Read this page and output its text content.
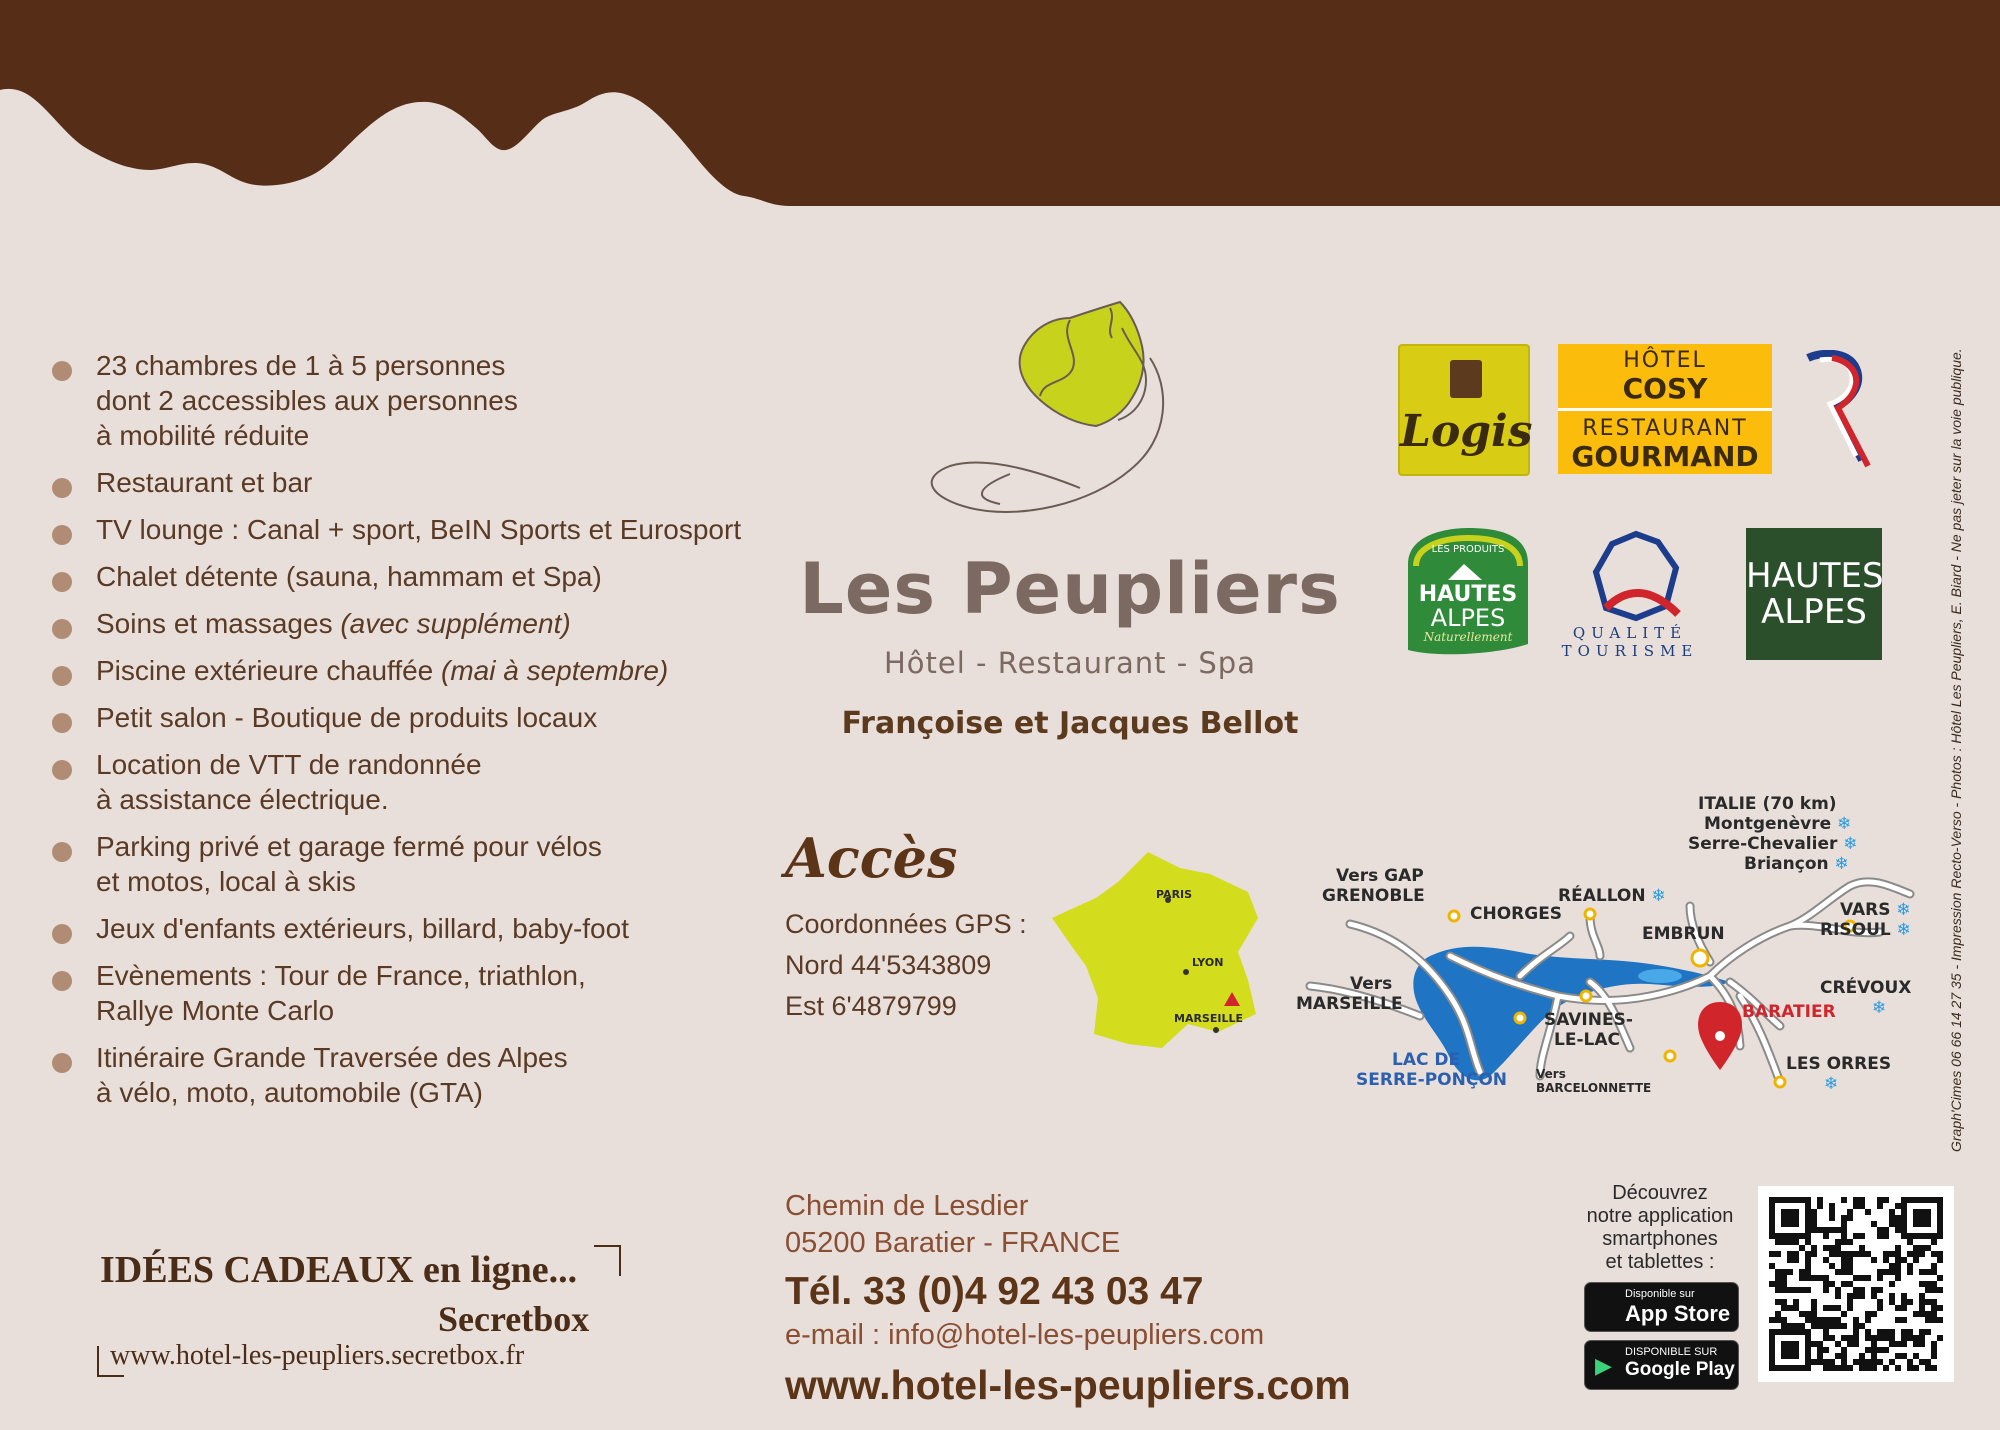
23 chambres de 1 à 5 personnes
dont 2 accessibles aux personnes
à mobilité réduite
Restaurant et bar
TV lounge : Canal + sport, BeIN Sports et Eurosport
Chalet détente (sauna, hammam et Spa)
Soins et massages (avec supplément)
Piscine extérieure chauffée (mai à septembre)
Petit salon - Boutique de produits locaux
Location de VTT de randonnée
à assistance électrique.
Parking privé et garage fermé pour vélos
et motos, local à skis
Jeux d'enfants extérieurs, billard, baby-foot
Evènements : Tour de France, triathlon,
Rallye Monte Carlo
Itinéraire Grande Traversée des Alpes
à vélo, moto, automobile (GTA)
Les Peupliers
Hôtel - Restaurant - Spa
Françoise et Jacques Bellot
Logis
HÔTEL
COSY
RESTAURANT
GOURMAND
LES PRODUITS
HAUTES
ALPES
Naturellement	QUALITÉ
TOURISME
HAUTES
ALPES
Accès
Coordonnées GPS :
Nord 44'5343809
Est 6'4879799
PARIS
LYON
MARSEILLE
ITALIE (70 km)
Montgenèvre ❄
Serre-Chevalier ❄
Briançon ❄
Vers GAP
GRENOBLE
CHORGES
RÉALLON ❄
EMBRUN
VARS ❄
RISOUL ❄
Vers
MARSEILLE
SAVINES-
LE-LAC
CRÉVOUX
❄
BARATIER
LES ORRES
❄
LAC DE
SERRE-PONÇON Vers
BARCELONNETTE
Chemin de Lesdier
05200 Baratier - FRANCE
Tél. 33 (0)4 92 43 03 47
e-mail : info@hotel-les-peupliers.com
www.hotel-les-peupliers.com
IDÉES CADEAUX en ligne...
Secretbox
www.hotel-les-peupliers.secretbox.fr
Découvrez
notre application
smartphones
et tablettes :
Disponible sur
App Store
▶
DISPONIBLE SUR
Google Play
Graph'Cimes 06 66 14 27 35 - Impression Recto-Verso - Photos : Hôtel Les Peupliers, E. Biard - Ne pas jeter sur la voie publique.
